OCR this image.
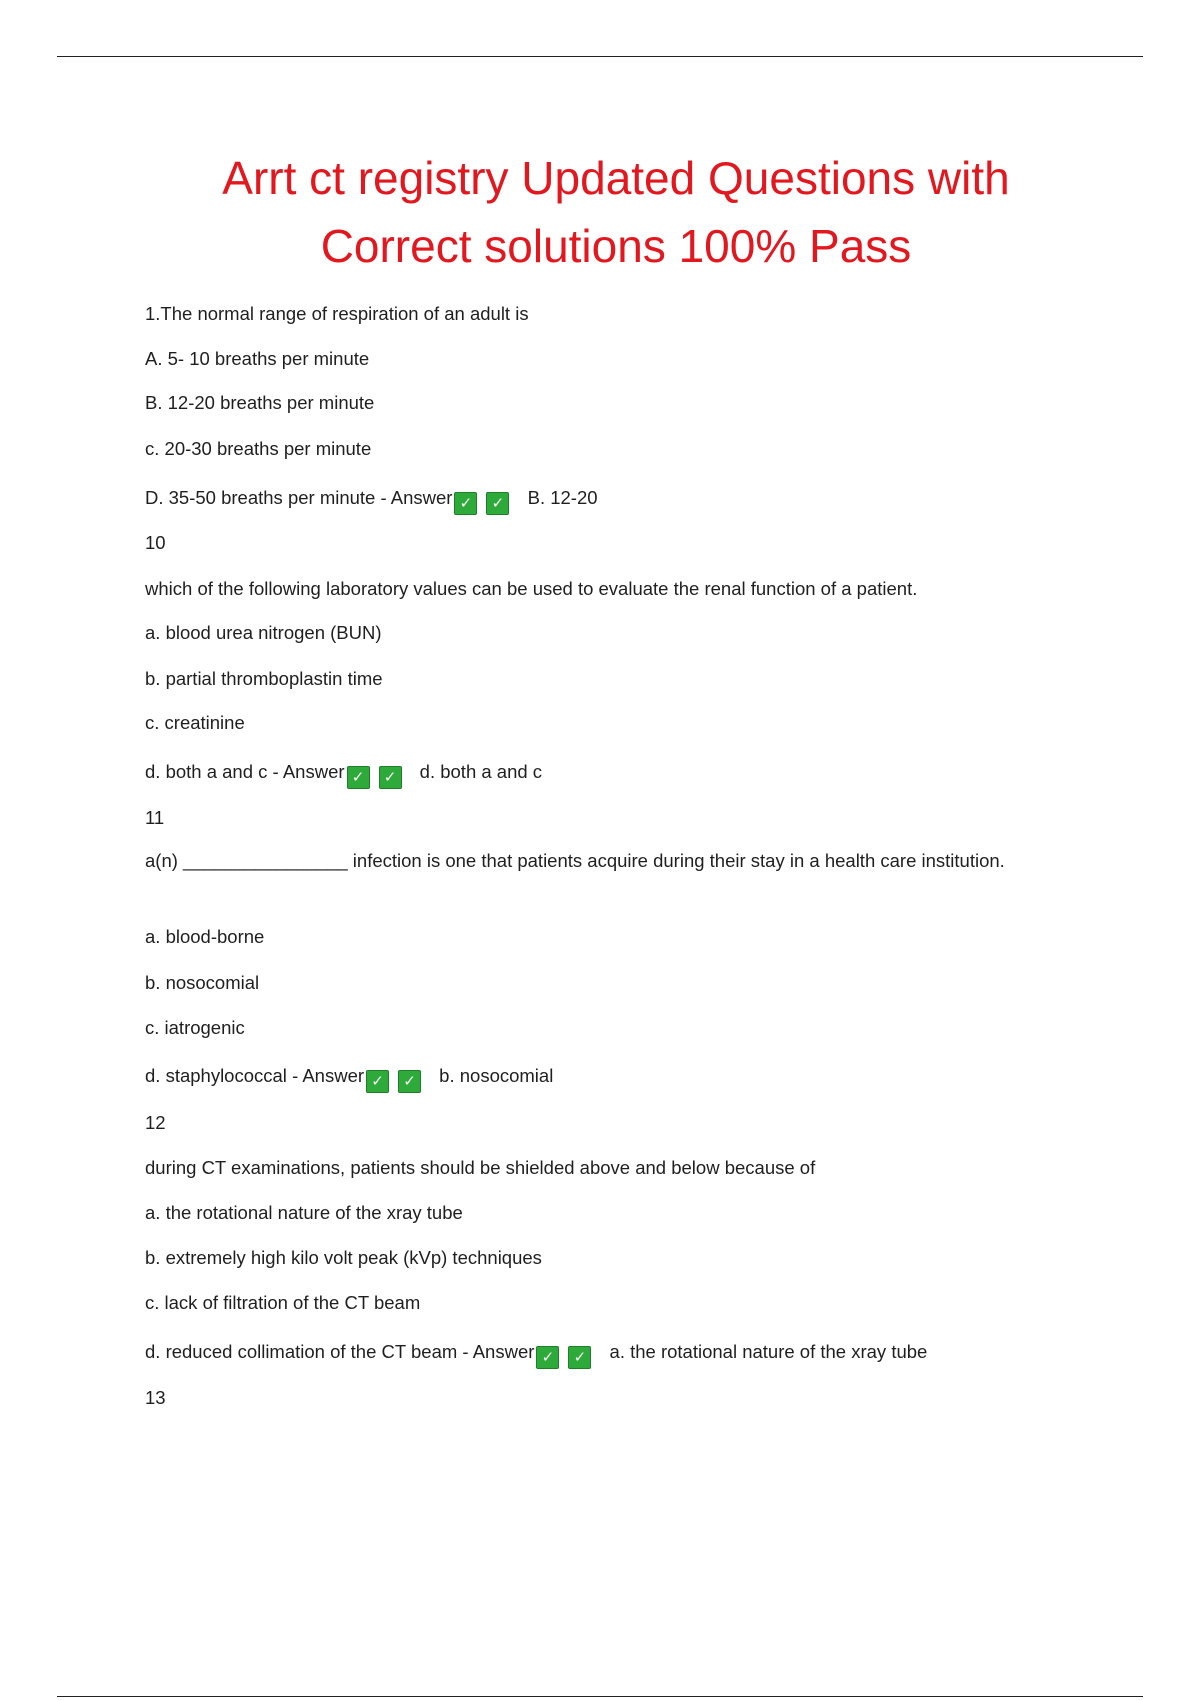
Arrt ct registry Updated Questions with
Correct solutions 100% Pass
1.The normal range of respiration of an adult is
A. 5- 10 breaths per minute
B. 12-20 breaths per minute
c. 20-30 breaths per minute
D. 35-50 breaths per minute - Answer ✓ ✓ B. 12-20
10
which of the following laboratory values can be used to evaluate the renal function of a patient.
a. blood urea nitrogen (BUN)
b. partial thromboplastin time
c. creatinine
d. both a and c - Answer ✓ ✓ d. both a and c
11
a(n) ________________ infection is one that patients acquire during their stay in a health care institution.
a. blood-borne
b. nosocomial
c. iatrogenic
d. staphylococcal - Answer ✓ ✓ b. nosocomial
12
during CT examinations, patients should be shielded above and below because of
a. the rotational nature of the xray tube
b. extremely high kilo volt peak (kVp) techniques
c. lack of filtration of the CT beam
d. reduced collimation of the CT beam - Answer ✓ ✓ a. the rotational nature of the xray tube
13
